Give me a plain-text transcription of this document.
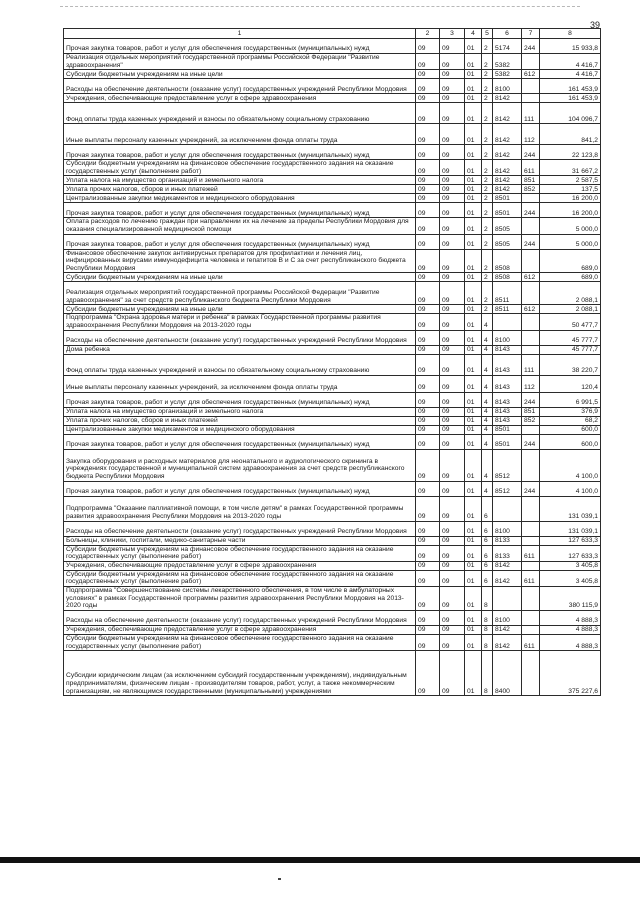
39
1	2	3	4	5	6	7	8
Прочая закупка товаров, работ и услуг для обеспечения государственных (муниципальных) нужд	09	09	01	2	5174	244	15 933,8
Реализация отдельных мероприятий государственной программы Российской Федерации "Развитие здравоохранения"	09	09	01	2	5382		4 416,7
Субсидии бюджетным учреждениям на иные цели	09	09	01	2	5382	612	4 416,7
Расходы на обеспечение деятельности (оказание услуг) государственных учреждений Республики Мордовия	09	09	01	2	8100		161 453,9
Учреждения, обеспечивающие предоставление услуг в сфере здравоохранения	09	09	01	2	8142		161 453,9
Фонд оплаты труда казенных учреждений и взносы по обязательному социальному страхованию	09	09	01	2	8142	111	104 096,7
Иные выплаты персоналу казенных учреждений, за исключением фонда оплаты труда	09	09	01	2	8142	112	841,2
Прочая закупка товаров, работ и услуг для обеспечения государственных (муниципальных) нужд	09	09	01	2	8142	244	22 123,8
Субсидии бюджетным учреждениям на финансовое обеспечение государственного задания на оказание государственных услуг (выполнение работ)	09	09	01	2	8142	611	31 667,2
Уплата налога на имущество организаций и земельного налога	09	09	01	2	8142	851	2 587,5
Уплата прочих налогов, сборов и иных платежей	09	09	01	2	8142	852	137,5
Централизованные закупки медикаментов и медицинского оборудования	09	09	01	2	8501		16 200,0
Прочая закупка товаров, работ и услуг для обеспечения государственных (муниципальных) нужд	09	09	01	2	8501	244	16 200,0
Оплата расходов по лечению граждан при направлении их на лечение за пределы Республики Мордовия для оказания специализированной медицинской помощи	09	09	01	2	8505		5 000,0
Прочая закупка товаров, работ и услуг для обеспечения государственных (муниципальных) нужд	09	09	01	2	8505	244	5 000,0
Финансовое обеспечение закупок антивирусных препаратов для профилактики и лечения лиц, инфицированных вирусами иммунодефицита человека и гепатитов В и С за счет республиканского бюджета Республики Мордовия	09	09	01	2	8508		689,0
Субсидии бюджетным учреждениям на иные цели	09	09	01	2	8508	612	689,0
Реализация отдельных мероприятий государственной программы Российской Федерации "Развитие здравоохранения" за счет средств республиканского бюджета Республики Мордовия	09	09	01	2	8511		2 088,1
Субсидии бюджетным учреждениям на иные цели	09	09	01	2	8511	612	2 088,1
Подпрограмма "Охрана здоровья матери и ребенка" в рамках Государственной программы развития здравоохранения Республики Мордовия на 2013-2020 годы	09	09	01	4			50 477,7
Расходы на обеспечение деятельности (оказание услуг) государственных учреждений Республики Мордовия	09	09	01	4	8100		45 777,7
Дома ребенка	09	09	01	4	8143		45 777,7
Фонд оплаты труда казенных учреждений и взносы по обязательному социальному страхованию	09	09	01	4	8143	111	38 220,7
Иные выплаты персоналу казенных учреждений, за исключением фонда оплаты труда	09	09	01	4	8143	112	120,4
Прочая закупка товаров, работ и услуг для обеспечения государственных (муниципальных) нужд	09	09	01	4	8143	244	6 991,5
Уплата налога на имущество организаций и земельного налога	09	09	01	4	8143	851	376,9
Уплата прочих налогов, сборов и иных платежей	09	09	01	4	8143	852	68,2
Централизованные закупки медикаментов и медицинского оборудования	09	09	01	4	8501		600,0
Прочая закупка товаров, работ и услуг для обеспечения государственных (муниципальных) нужд	09	09	01	4	8501	244	600,0
Закупка оборудования и расходных материалов для неонатального и аудиологического скрининга в учреждениях государственной и муниципальной систем здравоохранения за счет средств республиканского бюджета Республики Мордовия	09	09	01	4	8512		4 100,0
Прочая закупка товаров, работ и услуг для обеспечения государственных (муниципальных) нужд	09	09	01	4	8512	244	4 100,0
Подпрограмма "Оказание паллиативной помощи, в том числе детям" в рамках Государственной программы развития здравоохранения Республики Мордовия на 2013-2020 годы	09	09	01	6			131 039,1
Расходы на обеспечение деятельности (оказание услуг) государственных учреждений Республики Мордовия	09	09	01	6	8100		131 039,1
Больницы, клиники, госпитали, медико-санитарные части	09	09	01	6	8133		127 633,3
Субсидии бюджетным учреждениям на финансовое обеспечение государственного задания на оказание государственных услуг (выполнение работ)	09	09	01	6	8133	611	127 633,3
Учреждения, обеспечивающие предоставление услуг в сфере здравоохранения	09	09	01	6	8142		3 405,8
Субсидии бюджетным учреждениям на финансовое обеспечение государственного задания на оказание государственных услуг (выполнение работ)	09	09	01	6	8142	611	3 405,8
Подпрограмма "Совершенствование системы лекарственного обеспечения, в том числе в амбулаторных условиях" в рамках Государственной программы развития здравоохранения Республики Мордовия на 2013-2020 годы	09	09	01	8			380 115,9
Расходы на обеспечение деятельности (оказание услуг) государственных учреждений Республики Мордовия	09	09	01	8	8100		4 888,3
Учреждения, обеспечивающие предоставление услуг в сфере здравоохранения	09	09	01	8	8142		4 888,3
Субсидии бюджетным учреждениям на финансовое обеспечение государственного задания на оказание государственных услуг (выполнение работ)	09	09	01	8	8142	611	4 888,3
Субсидии юридическим лицам (за исключением субсидий государственным учреждениям), индивидуальным предпринимателям, физическим лицам - производителям товаров, работ, услуг, а также некоммерческим организациям, не являющимся государственными (муниципальными) учреждениями	09	09	01	8	8400		375 227,6
